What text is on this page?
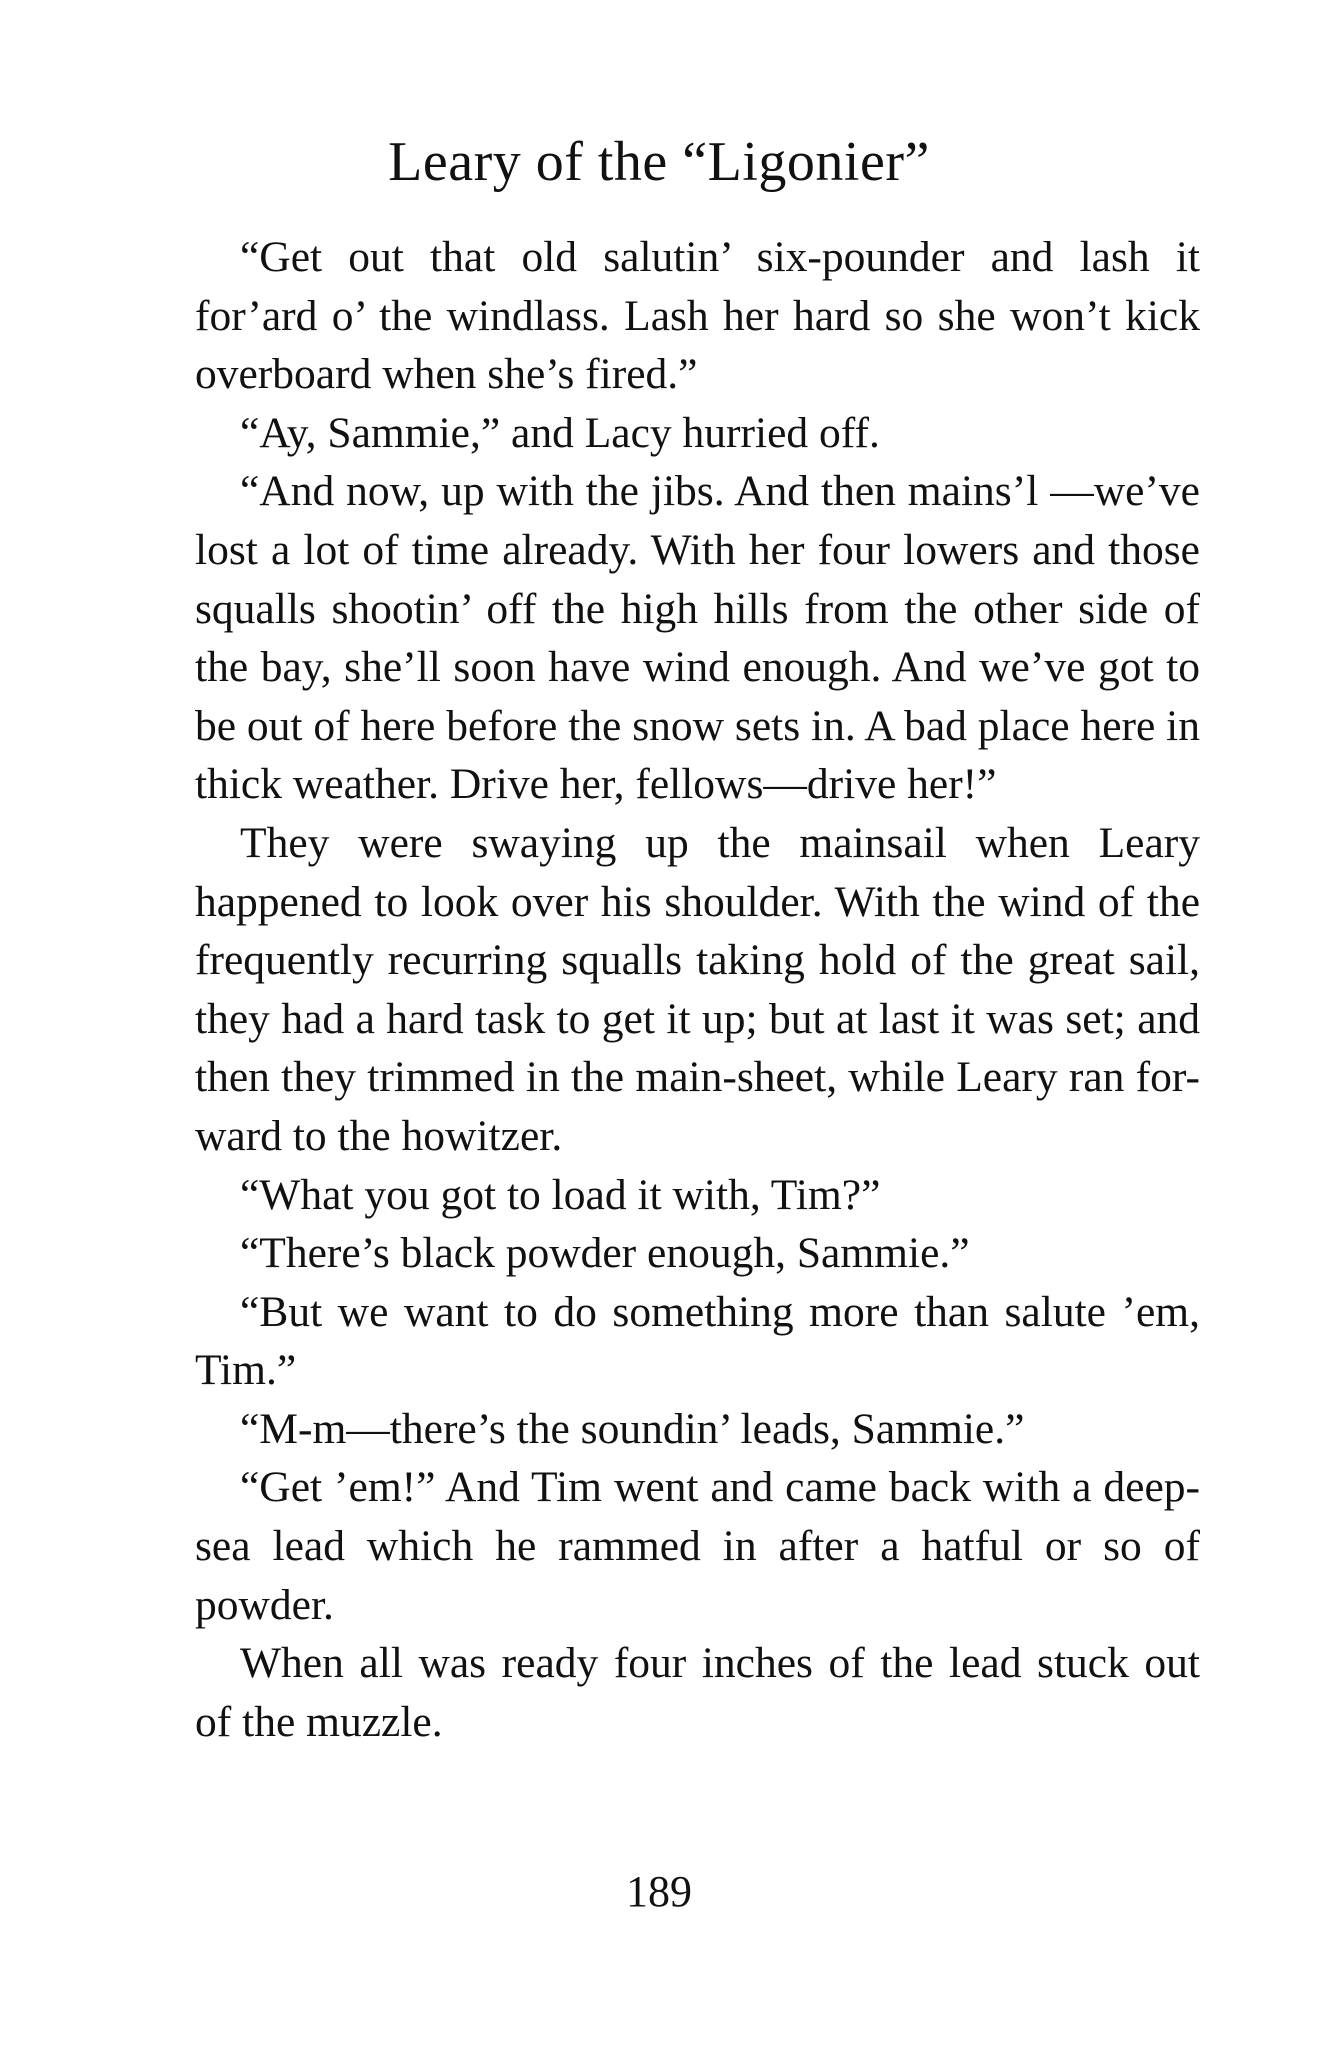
Leary of the “Ligonier”

“Get out that old salutin’ six-pounder and lash it for’ard o’ the windlass. Lash her hard so she won’t kick overboard when she’s fired.”

“Ay, Sammie,” and Lacy hurried off.

“And now, up with the jibs. And then mains’l —we’ve lost a lot of time already. With her four lowers and those squalls shootin’ off the high hills from the other side of the bay, she’ll soon have wind enough. And we’ve got to be out of here before the snow sets in. A bad place here in thick weather. Drive her, fellows—drive her!”

They were swaying up the mainsail when Leary happened to look over his shoulder. With the wind of the frequently recurring squalls taking hold of the great sail, they had a hard task to get it up; but at last it was set; and then they trimmed in the main-sheet, while Leary ran for- ward to the howitzer.

“What you got to load it with, Tim?”

“There’s black powder enough, Sammie.”

“But we want to do something more than salute ’em, Tim.”

“M-m—there’s the soundin’ leads, Sammie.”

“Get ’em!” And Tim went and came back with a deep-sea lead which he rammed in after a hatful or so of powder.

When all was ready four inches of the lead stuck out of the muzzle.

189
